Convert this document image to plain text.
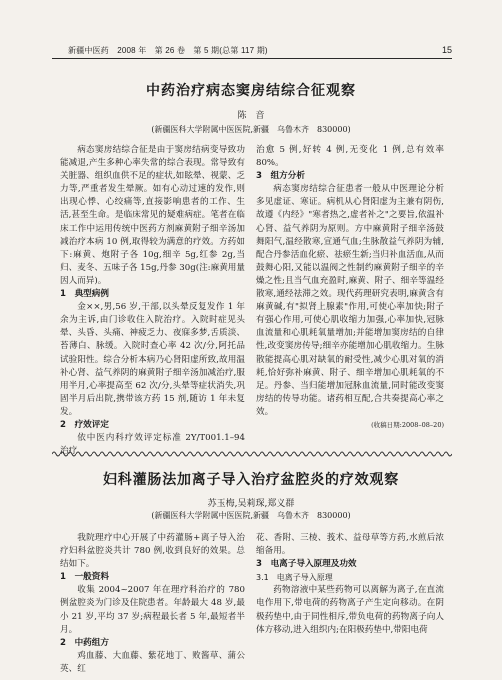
新疆中医药　2008 年　第 26 卷　第 5 期(总第 117 期)	15
中药治疗病态窦房结综合征观察
陈　音
(新疆医科大学附属中医医院,新疆　乌鲁木齐　830000)

病态窦房结综合征是由于窦房结病变导致功能减退,产生多种心率失常的综合表现。常导致有关脏器、组织血供不足的症状,如眩晕、视蒙、乏力等,严重者发生晕厥。如有心动过速的发作,则出现心悸、心绞痛等,直接影响患者的工作、生活,甚至生命。是临床常见的疑难病症。笔者在临床工作中运用传统中医药方剂麻黄附子细辛汤加减治疗本病 10 例,取得较为满意的疗效。方药如下:麻黄、炮附子各 10g,细辛 5g,红参 2g,当归、麦冬、五味子各 15g,丹参 30g(注:麻黄用量因人而异)。

1　典型病例

金××,男,56 岁,干部,以头晕反复发作 1 年余为主诉,由门诊收住入院治疗。入院时症见头晕、头昏、头痛、神疲乏力、夜寐多梦,舌质淡、苔薄白、脉缓。入院时查心率 42 次/分,阿托品试验阳性。综合分析本病乃心肾阳虚所致,故用温补心肾、益气养阴的麻黄附子细辛汤加减治疗,服用半月,心率提高至 62 次/分,头晕等症状消失,巩固半月后出院,携带该方药 15 剂,随访 1 年未复发。

2　疗效评定

依中医内科疗效评定标准 2Y/T001.1–94

治愈 5 例,好转 4 例,无变化 1 例,总有效率 80%。

3　组方分析

病态窦房结综合征患者一般从中医理论分析多见虚证、寒证。病机从心肾阳虚为主兼有阴伤,故遵《内经》"寒者热之,虚者补之"之要旨,依温补心肾、益气养阴为原则。方中麻黄附子细辛汤鼓舞阳气,温经散寒,宣通气血;生脉散益气养阴为辅,配合丹参活血化瘀、祛瘀生新;当归补血活血,从而鼓舞心阳,又能以温阀之性制约麻黄附子细辛的辛燥之性;且当气血充盈时,麻黄、附子、细辛等温经散寒,通经祛滞之效。现代药理研究表明,麻黄含有麻黄碱,有"拟肾上腺素"作用,可使心率加快;附子有强心作用,可使心肌收缩力加强,心率加快,冠脉血流量和心肌耗氧量增加;并能增加窦房结的自律性,改变窦房传导;细辛亦能增加心肌收缩力。生脉散能提高心肌对缺氧的耐受性,减少心肌对氧的消耗,恰好弥补麻黄、附子、细辛增加心肌耗氧的不足。丹参、当归能增加冠脉血流量,同时能改变窦房结的传导功能。诸药相互配,合共奏提高心率之效。

(收稿日期:2008–08–20)
妇科灌肠法加离子导入治疗盆腔炎的疗效观察
苏玉梅,吴莉琛,郑义群
(新疆医科大学附属中医医院,新疆　乌鲁木齐　830000)

我院理疗中心开展了中药灌肠+离子导入治疗妇科盆腔炎共计 780 例,收到良好的效果。总结如下。

1　一般资料

收集 2004~2007 年在理疗科治疗的 780 例盆腔炎为门诊及住院患者。年龄最大 48 岁,最小 21 岁,平均 37 岁;病程最长者 5 年,最短者半月。

2　中药组方

鸡血藤、大血藤、紫花地丁、败酱草、蒲公英、红

花、香附、三棱、莪术、益母草等方药,水煎后浓缩备用。

3　电离子导入原理及功效

3.1　电离子导入原理

药物溶液中某些药物可以离解为离子,在直流电作用下,带电荷的药物离子产生定向移动。在阴极药垫中,由于同性相斥,带负电荷的药物离子向人体方移动,进入组织内;在阳极药垫中,带阳电荷
